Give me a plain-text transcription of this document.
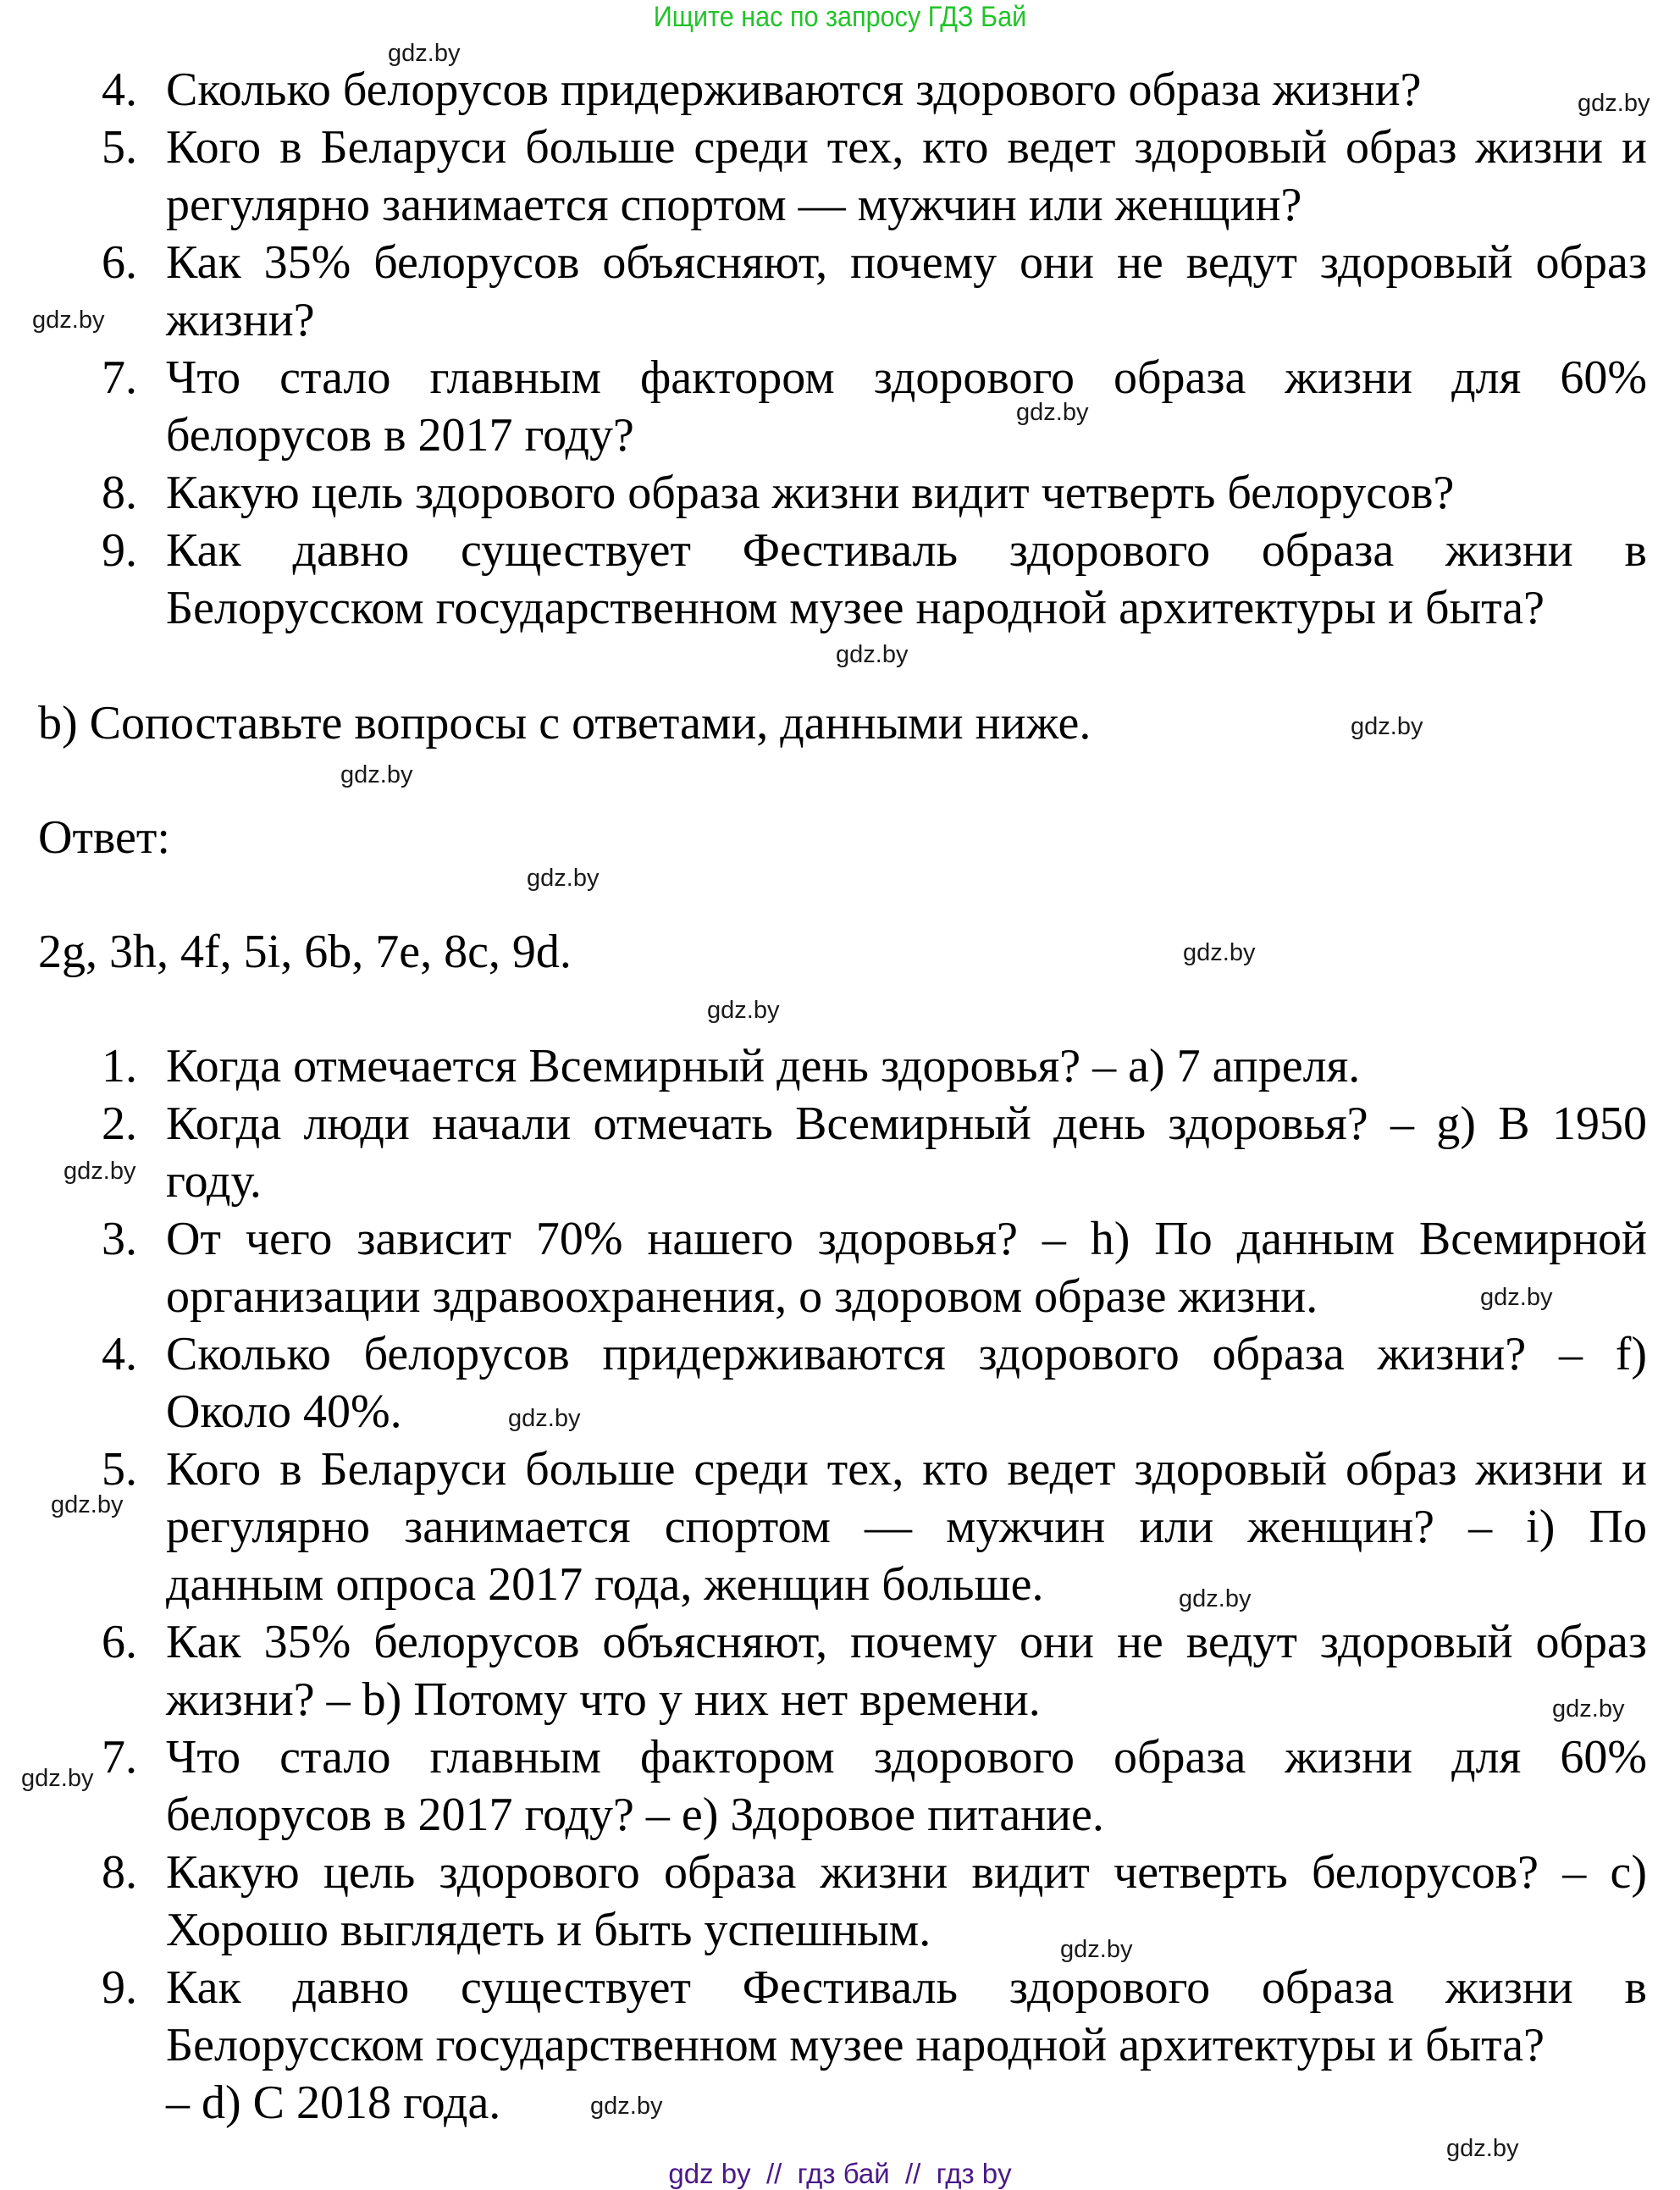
Ищите нас по запросу ГДЗ Бай
4. Сколько белорусов придерживаются здорового образа жизни?
5. Кого в Беларуси больше среди тех, кто ведет здоровый образ жизни и
регулярно занимается спортом — мужчин или женщин?
6. Как 35% белорусов объясняют, почему они не ведут здоровый образ
жизни?
7. Что стало главным фактором здорового образа жизни для 60%
белорусов в 2017 году?
8. Какую цель здорового образа жизни видит четверть белорусов?
9. Как давно существует Фестиваль здорового образа жизни в
Белорусском государственном музее народной архитектуры и быта?
b) Сопоставьте вопросы с ответами, данными ниже.
Ответ:
2g, 3h, 4f, 5i, 6b, 7e, 8c, 9d.
1. Когда отмечается Всемирный день здоровья? – a) 7 апреля.
2. Когда люди начали отмечать Всемирный день здоровья? – g) В 1950
году.
3. От чего зависит 70% нашего здоровья? – h) По данным Всемирной
организации здравоохранения, о здоровом образе жизни.
4. Сколько белорусов придерживаются здорового образа жизни? – f)
Около 40%.
5. Кого в Беларуси больше среди тех, кто ведет здоровый образ жизни и
регулярно занимается спортом — мужчин или женщин? – i) По
данным опроса 2017 года, женщин больше.
6. Как 35% белорусов объясняют, почему они не ведут здоровый образ
жизни? – b) Потому что у них нет времени.
7. Что стало главным фактором здорового образа жизни для 60%
белорусов в 2017 году? – e) Здоровое питание.
8. Какую цель здорового образа жизни видит четверть белорусов? – c)
Хорошо выглядеть и быть успешным.
9. Как давно существует Фестиваль здорового образа жизни в
Белорусском государственном музее народной архитектуры и быта?
– d) С 2018 года.
gdz.by
gdz.by
gdz.by
gdz.by
gdz.by
gdz.by
gdz.by
gdz.by
gdz.by
gdz.by
gdz.by
gdz.by
gdz.by
gdz.by
gdz.by
gdz.by
gdz.by
gdz.by
gdz.by
gdz.by
gdz by  //  гдз бай  //  гдз by
